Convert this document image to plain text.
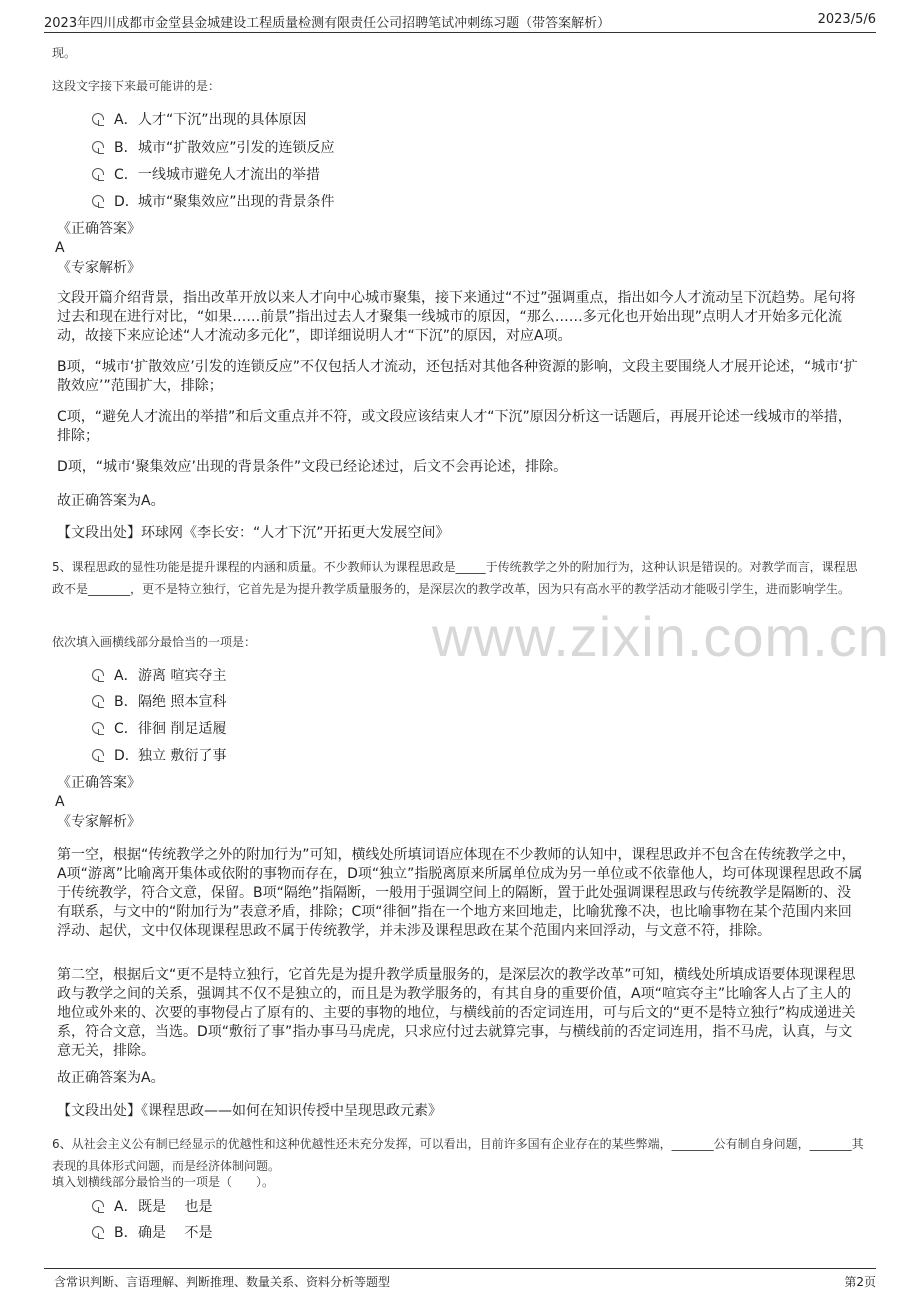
2023年四川成都市金堂县金城建设工程质量检测有限责任公司招聘笔试冲刺练习题（带答案解析）	2023/5/6
www.zixin.com.cn
现。
这段文字接下来最可能讲的是：
A． 人才“下沉”出现的具体原因
B． 城市“扩散效应”引发的连锁反应
C． 一线城市避免人才流出的举措
D． 城市“聚集效应”出现的背景条件
《正确答案》
A
《专家解析》
文段开篇介绍背景，指出改革开放以来人才向中心城市聚集，接下来通过“不过”强调重点，指出如今人才流动呈下沉趋势。尾句将过去和现在进行对比，“如果……前景”指出过去人才聚集一线城市的原因，“那么……多元化也开始出现”点明人才开始多元化流动，故接下来应论述“人才流动多元化”，即详细说明人才“下沉”的原因，对应A项。
B项，“城市‘扩散效应’引发的连锁反应”不仅包括人才流动，还包括对其他各种资源的影响，文段主要围绕人才展开论述，“城市‘扩散效应’”范围扩大，排除；
C项，“避免人才流出的举措”和后文重点并不符，或文段应该结束人才“下沉”原因分析这一话题后，再展开论述一线城市的举措，排除；
D项，“城市‘聚集效应’出现的背景条件”文段已经论述过，后文不会再论述，排除。
故正确答案为A。
【文段出处】环球网《李长安：“人才下沉”开拓更大发展空间》
5、课程思政的显性功能是提升课程的内涵和质量。不少教师认为课程思政是_____于传统教学之外的附加行为，这种认识是错误的。对教学而言，课程思政不是_______，更不是特立独行，它首先是为提升教学质量服务的，是深层次的教学改革，因为只有高水平的教学活动才能吸引学生，进而影响学生。
依次填入画横线部分最恰当的一项是：
A． 游离 喧宾夺主
B． 隔绝 照本宣科
C． 徘徊 削足适履
D． 独立 敷衍了事
《正确答案》
A
《专家解析》
第一空，根据“传统教学之外的附加行为”可知，横线处所填词语应体现在不少教师的认知中，课程思政并不包含在传统教学之中，A项“游离”比喻离开集体或依附的事物而存在，D项“独立”指脱离原来所属单位成为另一单位或不依靠他人，均可体现课程思政不属于传统教学，符合文意，保留。B项“隔绝”指隔断，一般用于强调空间上的隔断，置于此处强调课程思政与传统教学是隔断的、没有联系，与文中的“附加行为”表意矛盾，排除；C项“徘徊”指在一个地方来回地走，比喻犹豫不决，也比喻事物在某个范围内来回浮动、起伏，文中仅体现课程思政不属于传统教学，并未涉及课程思政在某个范围内来回浮动，与文意不符，排除。
第二空，根据后文“更不是特立独行，它首先是为提升教学质量服务的，是深层次的教学改革”可知，横线处所填成语要体现课程思政与教学之间的关系，强调其不仅不是独立的，而且是为教学服务的，有其自身的重要价值，A项“喧宾夺主”比喻客人占了主人的地位或外来的、次要的事物侵占了原有的、主要的事物的地位，与横线前的否定词连用，可与后文的“更不是特立独行”构成递进关系，符合文意，当选。D项“敷衍了事”指办事马马虎虎，只求应付过去就算完事，与横线前的否定词连用，指不马虎，认真，与文意无关，排除。
故正确答案为A。
【文段出处】《课程思政——如何在知识传授中呈现思政元素》
6、从社会主义公有制已经显示的优越性和这种优越性还未充分发挥，可以看出，目前许多国有企业存在的某些弊端，_______公有制自身问题，_______其表现的具体形式问题，而是经济体制问题。
填入划横线部分最恰当的一项是（　　）。
A． 既是　 也是
B． 确是　 不是
含常识判断、言语理解、判断推理、数量关系、资料分析等题型	第2页
